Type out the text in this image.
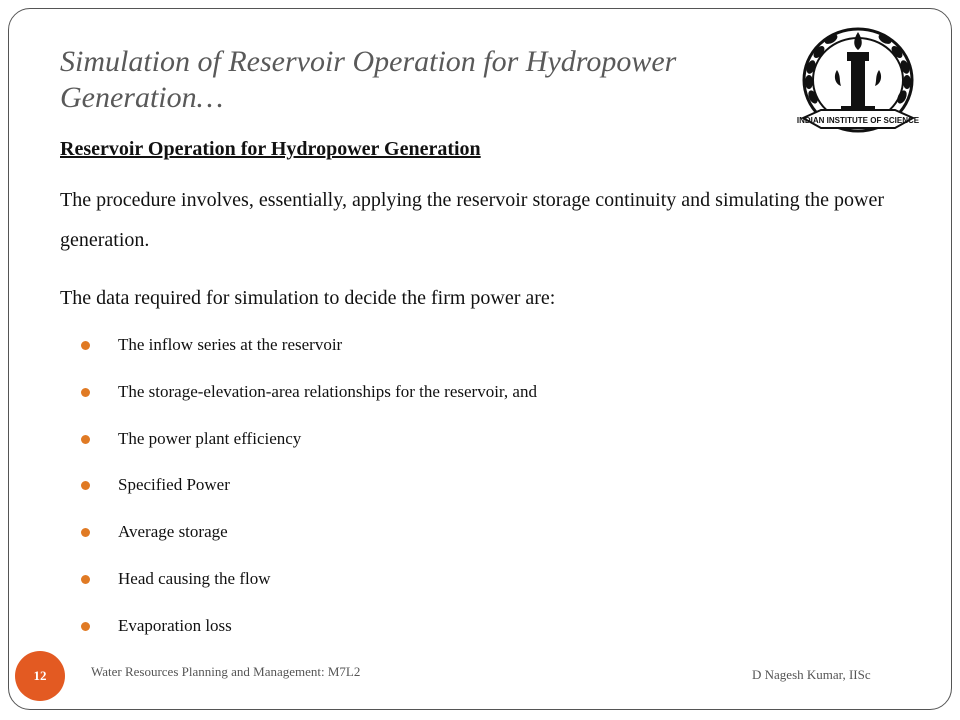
Simulation of Reservoir Operation for Hydropower Generation…
INDIAN INSTITUTE OF SCIENCE
Reservoir Operation for Hydropower Generation
The procedure involves, essentially, applying the reservoir storage continuity and simulating the power generation.
The data required for simulation to decide the firm power are:
The inflow series at the reservoir
The storage-elevation-area relationships for the reservoir, and
The power plant efficiency
Specified Power
Average storage
Head causing the flow
Evaporation loss
12	Water Resources Planning and Management: M7L2	D Nagesh Kumar, IISc
